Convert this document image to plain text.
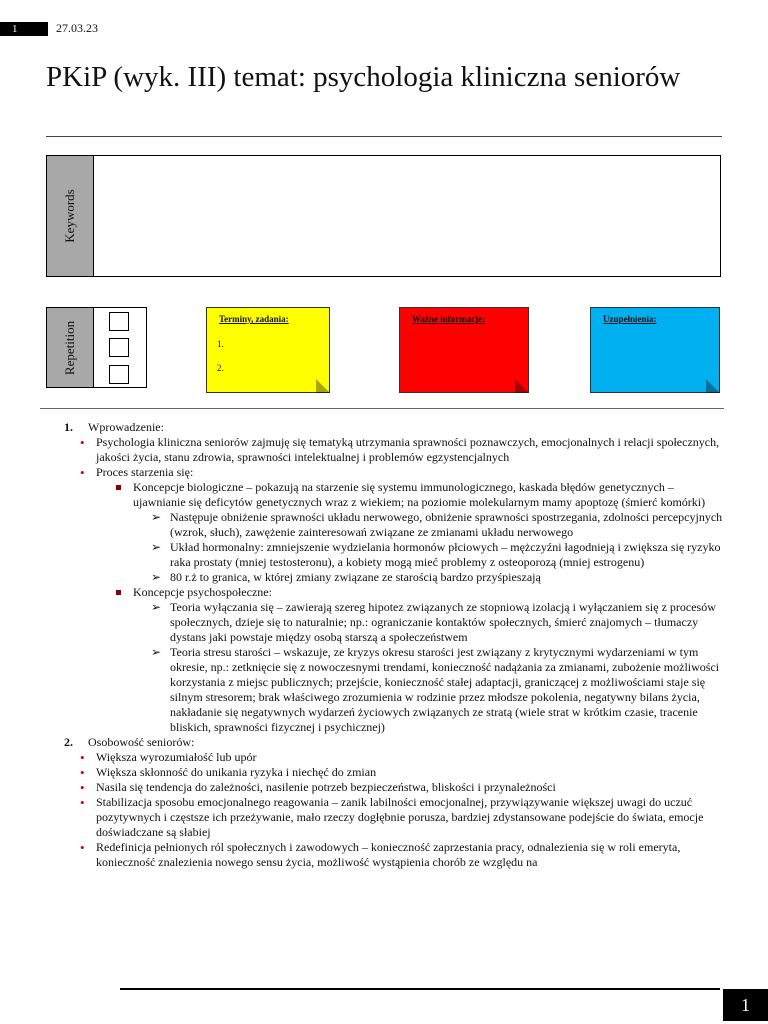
1	27.03.23
PKiP (wyk. III) temat: psychologia kliniczna seniorów
Keywords
Repetition
Terminy, zadania:
1.
2.
Ważne informacje:	Uzupełnienia:
1. Wprowadzenie:
• Psychologia kliniczna seniorów zajmuję się tematyką utrzymania sprawności poznawczych, emocjonalnych i relacji społecznych, jakości życia, stanu zdrowia, sprawności intelektualnej i problemów egzystencjalnych
• Proces starzenia się:
Koncepcje biologiczne – pokazują na starzenie się systemu immunologicznego, kaskada błędów genetycznych – ujawnianie się deficytów genetycznych wraz z wiekiem; na poziomie molekularnym mamy apoptozę (śmierć komórki)
➢ Następuje obniżenie sprawności układu nerwowego, obniżenie sprawności spostrzegania, zdolności percepcyjnych (wzrok, słuch), zawężenie zainteresowań związane ze zmianami układu nerwowego
➢ Układ hormonalny: zmniejszenie wydzielania hormonów płciowych – mężczyźni łagodnieją i zwiększa się ryzyko raka prostaty (mniej testosteronu), a kobiety mogą mieć problemy z osteoporozą (mniej estrogenu)
➢ 80 r.ż to granica, w której zmiany związane ze starością bardzo przyśpieszają
Koncepcje psychospołeczne:
➢ Teoria wyłączania się – zawierają szereg hipotez związanych ze stopniową izolacją i wyłączaniem się z procesów społecznych, dzieje się to naturalnie; np.: ograniczanie kontaktów społecznych, śmierć znajomych – tłumaczy dystans jaki powstaje między osobą starszą a społeczeństwem
➢ Teoria stresu starości – wskazuje, ze kryzys okresu starości jest związany z krytycznymi wydarzeniami w tym okresie, np.: zetknięcie się z nowoczesnymi trendami, konieczność nadążania za zmianami, zubożenie możliwości korzystania z miejsc publicznych; przejście, konieczność stałej adaptacji, graniczącej z możliwościami staje się silnym stresorem; brak właściwego zrozumienia w rodzinie przez młodsze pokolenia, negatywny bilans życia, nakładanie się negatywnych wydarzeń życiowych związanych ze stratą (wiele strat w krótkim czasie, tracenie bliskich, sprawności fizycznej i psychicznej)
2. Osobowość seniorów:
• Większa wyrozumiałość lub upór
• Większa skłonność do unikania ryzyka i niechęć do zmian
• Nasila się tendencja do zależności, nasilenie potrzeb bezpieczeństwa, bliskości i przynależności
• Stabilizacja sposobu emocjonalnego reagowania – zanik labilności emocjonalnej, przywiązywanie większej uwagi do uczuć pozytywnych i częstsze ich przeżywanie, mało rzeczy dogłębnie porusza, bardziej zdystansowane podejście do świata, emocje doświadczane są słabiej
• Redefinicja pełnionych ról społecznych i zawodowych – konieczność zaprzestania pracy, odnalezienia się w roli emeryta, konieczność znalezienia nowego sensu życia, możliwość wystąpienia chorób ze względu na
1
